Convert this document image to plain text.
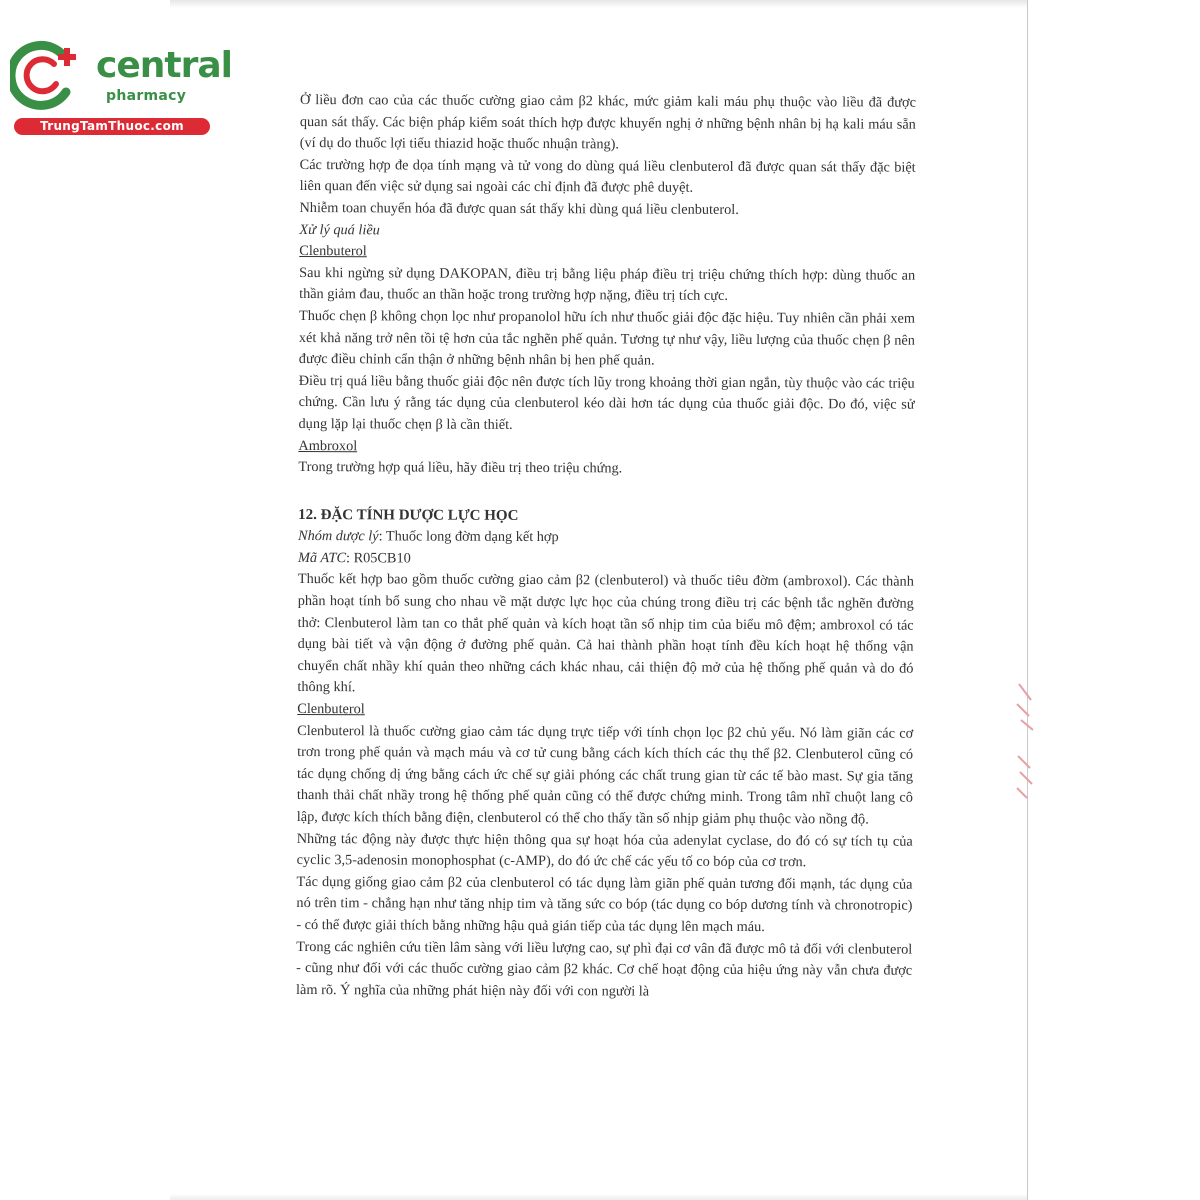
central
pharmacy
TrungTamThuoc.com

Ở liều đơn cao của các thuốc cường giao cảm β2 khác, mức giảm kali máu phụ thuộc vào liều đã được quan sát thấy. Các biện pháp kiểm soát thích hợp được khuyến nghị ở những bệnh nhân bị hạ kali máu sẵn (ví dụ do thuốc lợi tiểu thiazid hoặc thuốc nhuận tràng).

Các trường hợp đe dọa tính mạng và tử vong do dùng quá liều clenbuterol đã được quan sát thấy đặc biệt liên quan đến việc sử dụng sai ngoài các chỉ định đã được phê duyệt.

Nhiễm toan chuyển hóa đã được quan sát thấy khi dùng quá liều clenbuterol.

Xử lý quá liều

Clenbuterol

Sau khi ngừng sử dụng DAKOPAN, điều trị bằng liệu pháp điều trị triệu chứng thích hợp: dùng thuốc an thần giảm đau, thuốc an thần hoặc trong trường hợp nặng, điều trị tích cực.

Thuốc chẹn β không chọn lọc như propanolol hữu ích như thuốc giải độc đặc hiệu. Tuy nhiên cần phải xem xét khả năng trở nên tồi tệ hơn của tắc nghẽn phế quản. Tương tự như vậy, liều lượng của thuốc chẹn β nên được điều chỉnh cẩn thận ở những bệnh nhân bị hen phế quản.

Điều trị quá liều bằng thuốc giải độc nên được tích lũy trong khoảng thời gian ngắn, tùy thuộc vào các triệu chứng. Cần lưu ý rằng tác dụng của clenbuterol kéo dài hơn tác dụng của thuốc giải độc. Do đó, việc sử dụng lặp lại thuốc chẹn β là cần thiết.

Ambroxol

Trong trường hợp quá liều, hãy điều trị theo triệu chứng.

12. ĐẶC TÍNH DƯỢC LỰC HỌC

Nhóm dược lý: Thuốc long đờm dạng kết hợp

Mã ATC: R05CB10

Thuốc kết hợp bao gồm thuốc cường giao cảm β2 (clenbuterol) và thuốc tiêu đờm (ambroxol). Các thành phần hoạt tính bổ sung cho nhau về mặt dược lực học của chúng trong điều trị các bệnh tắc nghẽn đường thở: Clenbuterol làm tan co thắt phế quản và kích hoạt tần số nhịp tim của biểu mô đệm; ambroxol có tác dụng bài tiết và vận động ở đường phế quản. Cả hai thành phần hoạt tính đều kích hoạt hệ thống vận chuyển chất nhầy khí quản theo những cách khác nhau, cải thiện độ mở của hệ thống phế quản và do đó thông khí.

Clenbuterol

Clenbuterol là thuốc cường giao cảm tác dụng trực tiếp với tính chọn lọc β2 chủ yếu. Nó làm giãn các cơ trơn trong phế quản và mạch máu và cơ tử cung bằng cách kích thích các thụ thể β2. Clenbuterol cũng có tác dụng chống dị ứng bằng cách ức chế sự giải phóng các chất trung gian từ các tế bào mast. Sự gia tăng thanh thải chất nhầy trong hệ thống phế quản cũng có thể được chứng minh. Trong tâm nhĩ chuột lang cô lập, được kích thích bằng điện, clenbuterol có thể cho thấy tần số nhịp giảm phụ thuộc vào nồng độ.

Những tác động này được thực hiện thông qua sự hoạt hóa của adenylat cyclase, do đó có sự tích tụ của cyclic 3,5-adenosin monophosphat (c-AMP), do đó ức chế các yếu tố co bóp của cơ trơn.

Tác dụng giống giao cảm β2 của clenbuterol có tác dụng làm giãn phế quản tương đối mạnh, tác dụng của nó trên tim - chẳng hạn như tăng nhịp tim và tăng sức co bóp (tác dụng co bóp dương tính và chronotropic) - có thể được giải thích bằng những hậu quả gián tiếp của tác dụng lên mạch máu.

Trong các nghiên cứu tiền lâm sàng với liều lượng cao, sự phì đại cơ vân đã được mô tả đối với clenbuterol - cũng như đối với các thuốc cường giao cảm β2 khác. Cơ chế hoạt động của hiệu ứng này vẫn chưa được làm rõ. Ý nghĩa của những phát hiện này đối với con người là
